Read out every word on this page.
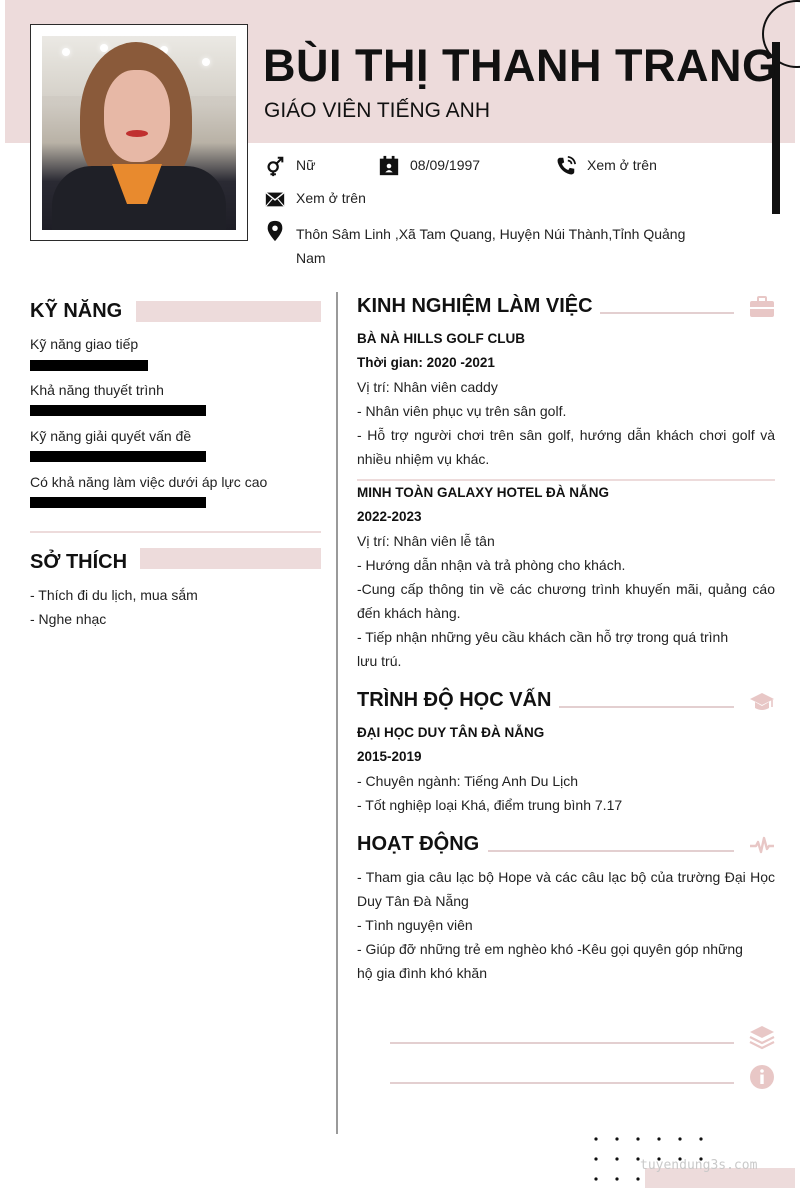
BÙI THỊ THANH TRANG
GIÁO VIÊN TIẾNG ANH
Nữ	08/09/1997	Xem ở trên
Xem ở trên
Thôn Sâm Linh ,Xã Tam Quang, Huyện Núi Thành,Tỉnh Quảng Nam
KỸ NĂNG
Kỹ năng giao tiếp
Khả năng thuyết trình
Kỹ năng giải quyết vấn đề
Có khả năng làm việc dưới áp lực cao
SỞ THÍCH
- Thích đi du lịch, mua sắm
- Nghe nhạc
KINH NGHIỆM LÀM VIỆC
BÀ NÀ HILLS GOLF CLUB
Thời gian: 2020 -2021
Vị trí: Nhân viên caddy
- Nhân viên phục vụ trên sân golf.
- Hỗ trợ người chơi trên sân golf, hướng dẫn khách chơi golf và nhiều nhiệm vụ khác.
MINH TOÀN GALAXY HOTEL ĐÀ NẴNG
2022-2023
Vị trí: Nhân viên lễ tân
- Hướng dẫn nhận và trả phòng cho khách.
-Cung cấp thông tin về các chương trình khuyến mãi, quảng cáo đến khách hàng.
- Tiếp nhận những yêu cầu khách cần hỗ trợ trong quá trình
lưu trú.
TRÌNH ĐỘ HỌC VẤN
ĐẠI HỌC DUY TÂN ĐÀ NẴNG
2015-2019
- Chuyên ngành: Tiếng Anh Du Lịch
- Tốt nghiệp loại Khá, điểm trung bình 7.17
HOẠT ĐỘNG
- Tham gia câu lạc bộ Hope và các câu lạc bộ của trường Đại Học Duy Tân Đà Nẵng
- Tình nguyện viên
- Giúp đỡ những trẻ em nghèo khó -Kêu gọi quyên góp những
hộ gia đình khó khăn
tuyendung3s.com
